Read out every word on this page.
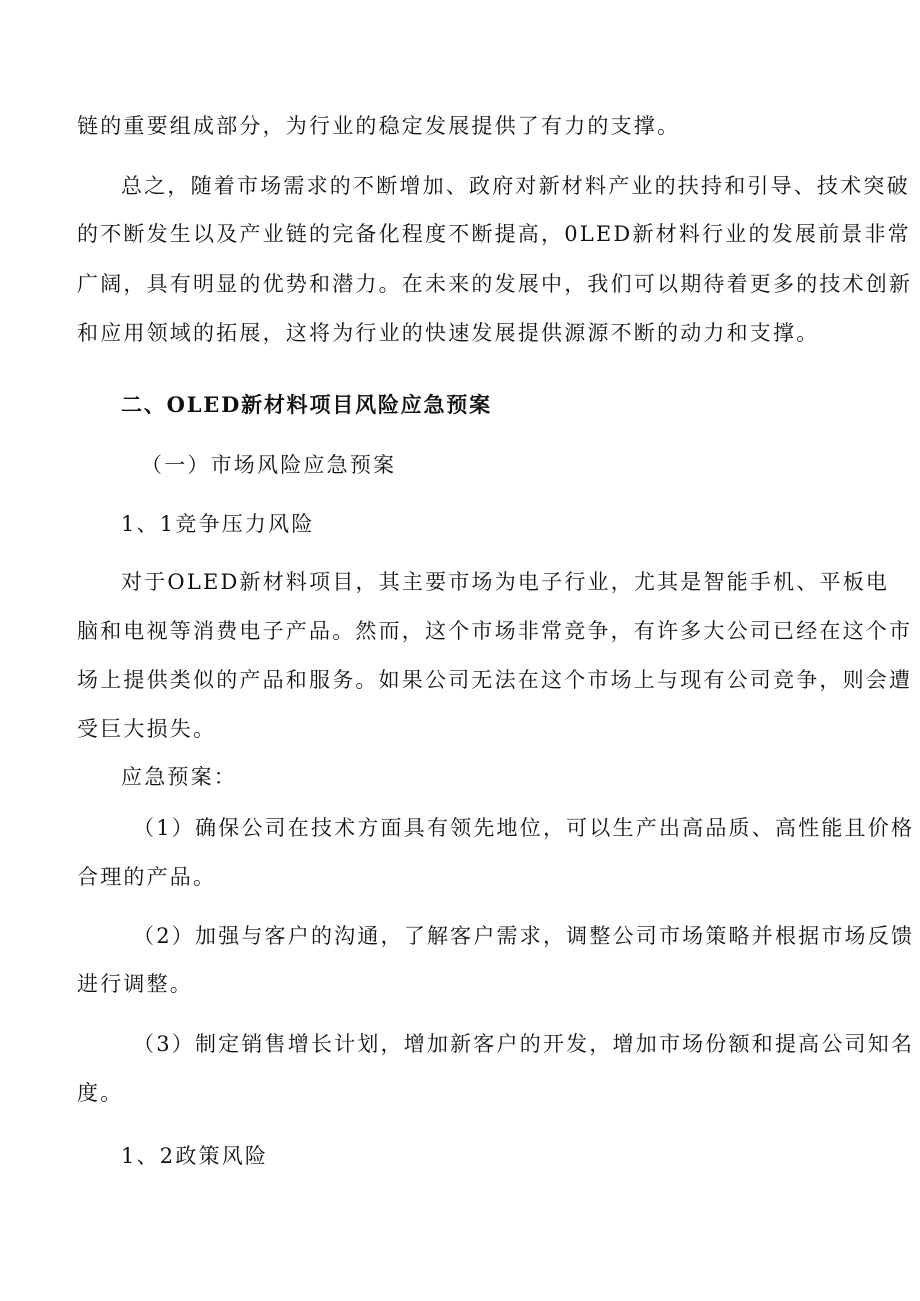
链的重要组成部分，为行业的稳定发展提供了有力的支撑。
总之，随着市场需求的不断增加、政府对新材料产业的扶持和引导、技术突破
的不断发生以及产业链的完备化程度不断提高，0LED新材料行业的发展前景非常
广阔，具有明显的优势和潜力。在未来的发展中，我们可以期待着更多的技术创新
和应用领域的拓展，这将为行业的快速发展提供源源不断的动力和支撑。
二、OLED新材料项目风险应急预案
（一）市场风险应急预案
1、1竞争压力风险
对于OLED新材料项目，其主要市场为电子行业，尤其是智能手机、平板电
脑和电视等消费电子产品。然而，这个市场非常竞争，有许多大公司已经在这个市
场上提供类似的产品和服务。如果公司无法在这个市场上与现有公司竞争，则会遭
受巨大损失。
应急预案：
（1）确保公司在技术方面具有领先地位，可以生产出高品质、高性能且价格
合理的产品。
（2）加强与客户的沟通，了解客户需求，调整公司市场策略并根据市场反馈
进行调整。
（3）制定销售增长计划，增加新客户的开发，增加市场份额和提高公司知名
度。
1、2政策风险
